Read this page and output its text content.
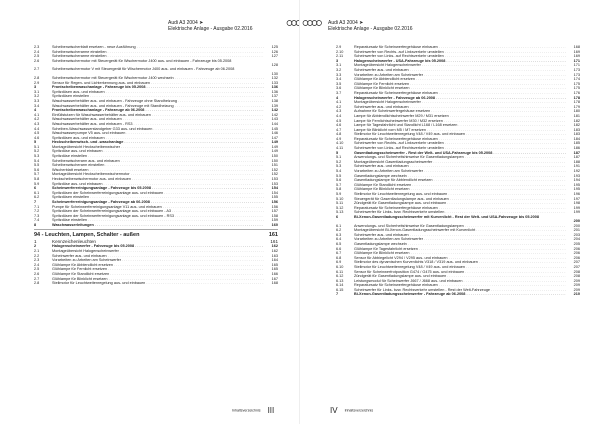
Audi A3 2004 ➤
Elektrische Anlage - Ausgabe 02.2016
2.3	Scheibenwischerblatt ersetzen - neue Ausführung . . .	125
2.4	Scheibenwischerarme einstellen . . .	126
2.5	Scheibenwischerarme einstellen . . .	127
2.6	Scheibenwischermotor mit Steuergerät für Wischermotor J400 aus- und einbauen - Fahrzeuge bis 05.2008
128
2.7	Scheibenwischermotor V mit Steuergerät für Wischermotor J400 aus- und einbauen - Fahrzeuge ab 06.2008
130
2.8	Scheibenwischermotor mit Steuergerät für Wischermotor J400 wechseln . . .	132
2.9	Sensor für Regen- und Lichterkennung aus- und einbauen . . .	133
3	Frontscheibenwaschanlage - Fahrzeuge bis 05.2008 . . .	136
3.1	Spritzdüsen aus- und einbauen . . .	136
3.2	Spritzdüsen einstellen . . .	137
3.3	Waschwasserbehälter aus- und einbauen - Fahrzeuge ohne Standheizung . . .	138
3.4	Waschwasserbehälter aus- und einbauen - Fahrzeuge mit Standheizung . . .	139
4	Frontscheibenwaschanlage - Fahrzeuge ab 06.2008 . . .	142
4.1	Einfüllstutzen für Waschwasserbehälter aus- und einbauen . . .	142
4.2	Waschwasserbehälter aus- und einbauen . . .	143
4.3	Waschwasserbehälter aus- und einbauen - RS3 . . .	144
4.4	Scheiben-Waschwasserstandgeber G33 aus- und einbauen . . .	145
4.5	Waschwasserpumpe V5 aus- und einbauen . . .	146
4.6	Spritzdüsen aus- und einbauen . . .	147
5	Heckscheibenwisch- und -waschanlage . . .	149
5.1	Montageübersicht Heckscheibenwischer . . .	149
5.2	Spritzdüse aus- und einbauen . . .	149
5.3	Spritzdüse einstellen . . .	150
5.4	Scheibenwischerarm aus- und einbauen . . .	150
5.5	Scheibenwischerarm einstellen . . .	151
5.6	Wischerblatt ersetzen . . .	152
5.7	Montageübersicht Heckscheibenwischermotor . . .	152
5.8	Heckscheibenwischermotor aus- und einbauen . . .	153
5.9	Spritzdüse aus- und einbauen . . .	153
6	Scheinwerferreinigungsanlage - Fahrzeuge bis 05.2008 . . .	154
6.1	Spritzdüsen der Scheinwerferreinigungsanlage aus- und einbauen . . .	154
6.2	Spritzdüsen einstellen . . .	155
7	Scheinwerferreinigungsanlage - Fahrzeuge ab 06.2008 . . .	156
7.1	Pumpe für Scheinwerferreinigungsanlage V11 aus- und einbauen . . .	156
7.2	Spritzdüsen der Scheinwerferreinigungsanlage aus- und einbauen - A3 . . .	157
7.3	Spritzdüsen der Scheinwerferreinigungsanlage aus- und einbauen - RS3 . . .	158
7.4	Spritzdüse einstellen . . .	159
8	Waschwasserleitungen . . .	160
94 - Leuchten, Lampen, Schalter - außen	161
1	Kennzeichenleuchten	161
2	Halogenscheinwerfer - Fahrzeuge bis 05.2008 . . .	162
2.1	Montageübersicht Halogenscheinwerfer . . .	162
2.2	Scheinwerfer aus- und einbauen . . .	163
2.3	Vorarbeiten zu Arbeiten am Scheinwerfer . . .	164
2.4	Glühlampe für Abblendlicht ersetzen . . .	165
2.5	Glühlampe für Fernlicht ersetzen . . .	165
2.6	Glühlampe für Standlicht ersetzen . . .	166
2.7	Glühlampe für Blinklicht ersetzen . . .	167
2.8	Stellmotor für Leuchtweitenregelung aus- und einbauen . . .	168
Inhaltsverzeichnis III
Audi A3 2004 ➤
Elektrische Anlage - Ausgabe 02.2016
2.9	Reparatursatz für Scheinwerfergehäuse einbauen . . .	168
2.10	Scheinwerfer von Rechts- auf Linksverkehr umstellen . . .	169
2.11	Scheinwerfer von Links- auf Rechtsverkehr umstellen . . .	169
3	Halogenscheinwerfer - USA-Fahrzeuge bis 05.2008 . . .	171
3.1	Montageübersicht Halogenscheinwerfer . . .	171
3.2	Scheinwerfer aus- und einbauen . . .	173
3.3	Vorarbeiten zu Arbeiten am Scheinwerfer . . .	173
3.4	Glühlampe für Abblendlicht ersetzen . . .	174
3.5	Glühlampe für Fernlicht ersetzen . . .	175
3.6	Glühlampe für Blinklicht ersetzen . . .	175
3.7	Reparatursatz für Scheinwerfergehäuse einbauen . . .	176
4	Halogenscheinwerfer - Fahrzeuge ab 06.2008 . . .	178
4.1	Montageübersicht Halogenscheinwerfer . . .	178
4.2	Scheinwerfer aus- und einbauen . . .	179
4.3	Aufnahme für Scheinwerfergehäuse ersetzen . . .	180
4.4	Lampe für Abblendlichtscheinwerfer M29 / M31 ersetzen . . .	181
4.5	Lampe für Fernlichtscheinwerfer M30 / M32 ersetzen . . .	182
4.6	Lampe für Tagesfahrlicht und Standlicht L168 / L168 ersetzen . . .	182
4.7	Lampe für Blinklicht vorn M5 / M7 ersetzen . . .	183
4.8	Stellmotor für Leuchtweitenregelung V48 / V49 aus- und einbauen . . .	183
4.9	Reparatursatz für Scheinwerfergehäuse einbauen . . .	184
4.10	Scheinwerfer von Rechts- auf Linksverkehr umstellen . . .	185
4.11	Scheinwerfer von Links- auf Rechtsverkehr umstellen . . .	186
5	Gasentladungsscheinwerfer - Rest der Welt- und USA-Fahrzeuge bis 05.2008 . . .	187
5.1	Anwendungs- und Sicherheitshinweise für Gasentladungslampen . . .	187
5.2	Montageübersicht Gasentladungsscheinwerfer . . .	188
5.3	Scheinwerfer aus- und einbauen . . .	191
5.4	Vorarbeiten zu Arbeiten am Scheinwerfer . . .	192
5.5	Gasentladungslampe wechseln . . .	193
5.6	Gasentladungslampe für Abblendlicht ersetzen . . .	194
5.7	Glühlampe für Standlicht ersetzen . . .	195
5.8	Glühlampe für Blinklicht ersetzen . . .	195
5.9	Stellmotor für Leuchtweitenregelung aus- und einbauen . . .	196
5.10	Steuergerät für Gasentladungslampe aus- und einbauen . . .	197
5.11	Zündgerät für Gasentladungslampe aus- und einbauen . . .	198
5.12	Reparatursatz für Scheinwerfergehäuse einbauen . . .	199
5.13	Scheinwerfer für Links- bzw. Rechtsverkehr umstellen . . .	199
6	Bi-Xenon-Gasentladungsscheinwerfer mit Kurvenlicht - Rest der Welt- und USA-Fahrzeuge bis 05.2008
200
6.1	Anwendungs- und Sicherheitshinweise für Gasentladungslampen . . .	200
6.2	Montageübersicht Bi-Xenon-Gasentladungsscheinwerfer mit Kurvenlicht . . .	201
6.3	Scheinwerfer aus- und einbauen . . .	203
6.4	Vorarbeiten zu Arbeiten am Scheinwerfer . . .	204
6.5	Gasentladungslampe wechseln . . .	205
6.6	Glühlampe für Tagesfahrlicht ersetzen . . .	206
6.7	Glühlampe für Blinklicht ersetzen . . .	206
6.8	Sensor für Abbiegelicht V294 / V295 aus- und einbauen . . .	206
6.9	Stellmotor des dynamischen Kurvenlichts V318 / V319 aus- und einbauen . . .	207
6.10	Stellmotor für Leuchtweitenregelung V48 / V49 aus- und einbauen . . .	207
6.11	Sensor für Scheinwerfrotposition G474 / G475 aus- und einbauen . . .	208
6.12	Zündgerät für Gasentladungslampe aus- und einbauen . . .	208
6.13	Leistungsmodul für Scheinwerfer J667 / J668 aus- und einbauen . . .	209
6.14	Reparatursatz für Scheinwerfergehäuse einbauen . . .	209
6.15	Scheinwerfer für Links- bzw. Rechtsverkehr umstellen - Rest der Welt-Fahrzeuge . . .	209
7	Bi-Xenon-Gasentladungsscheinwerfer - Fahrzeuge ab 06.2008 . . .	210
IV Inhaltsverzeichnis
